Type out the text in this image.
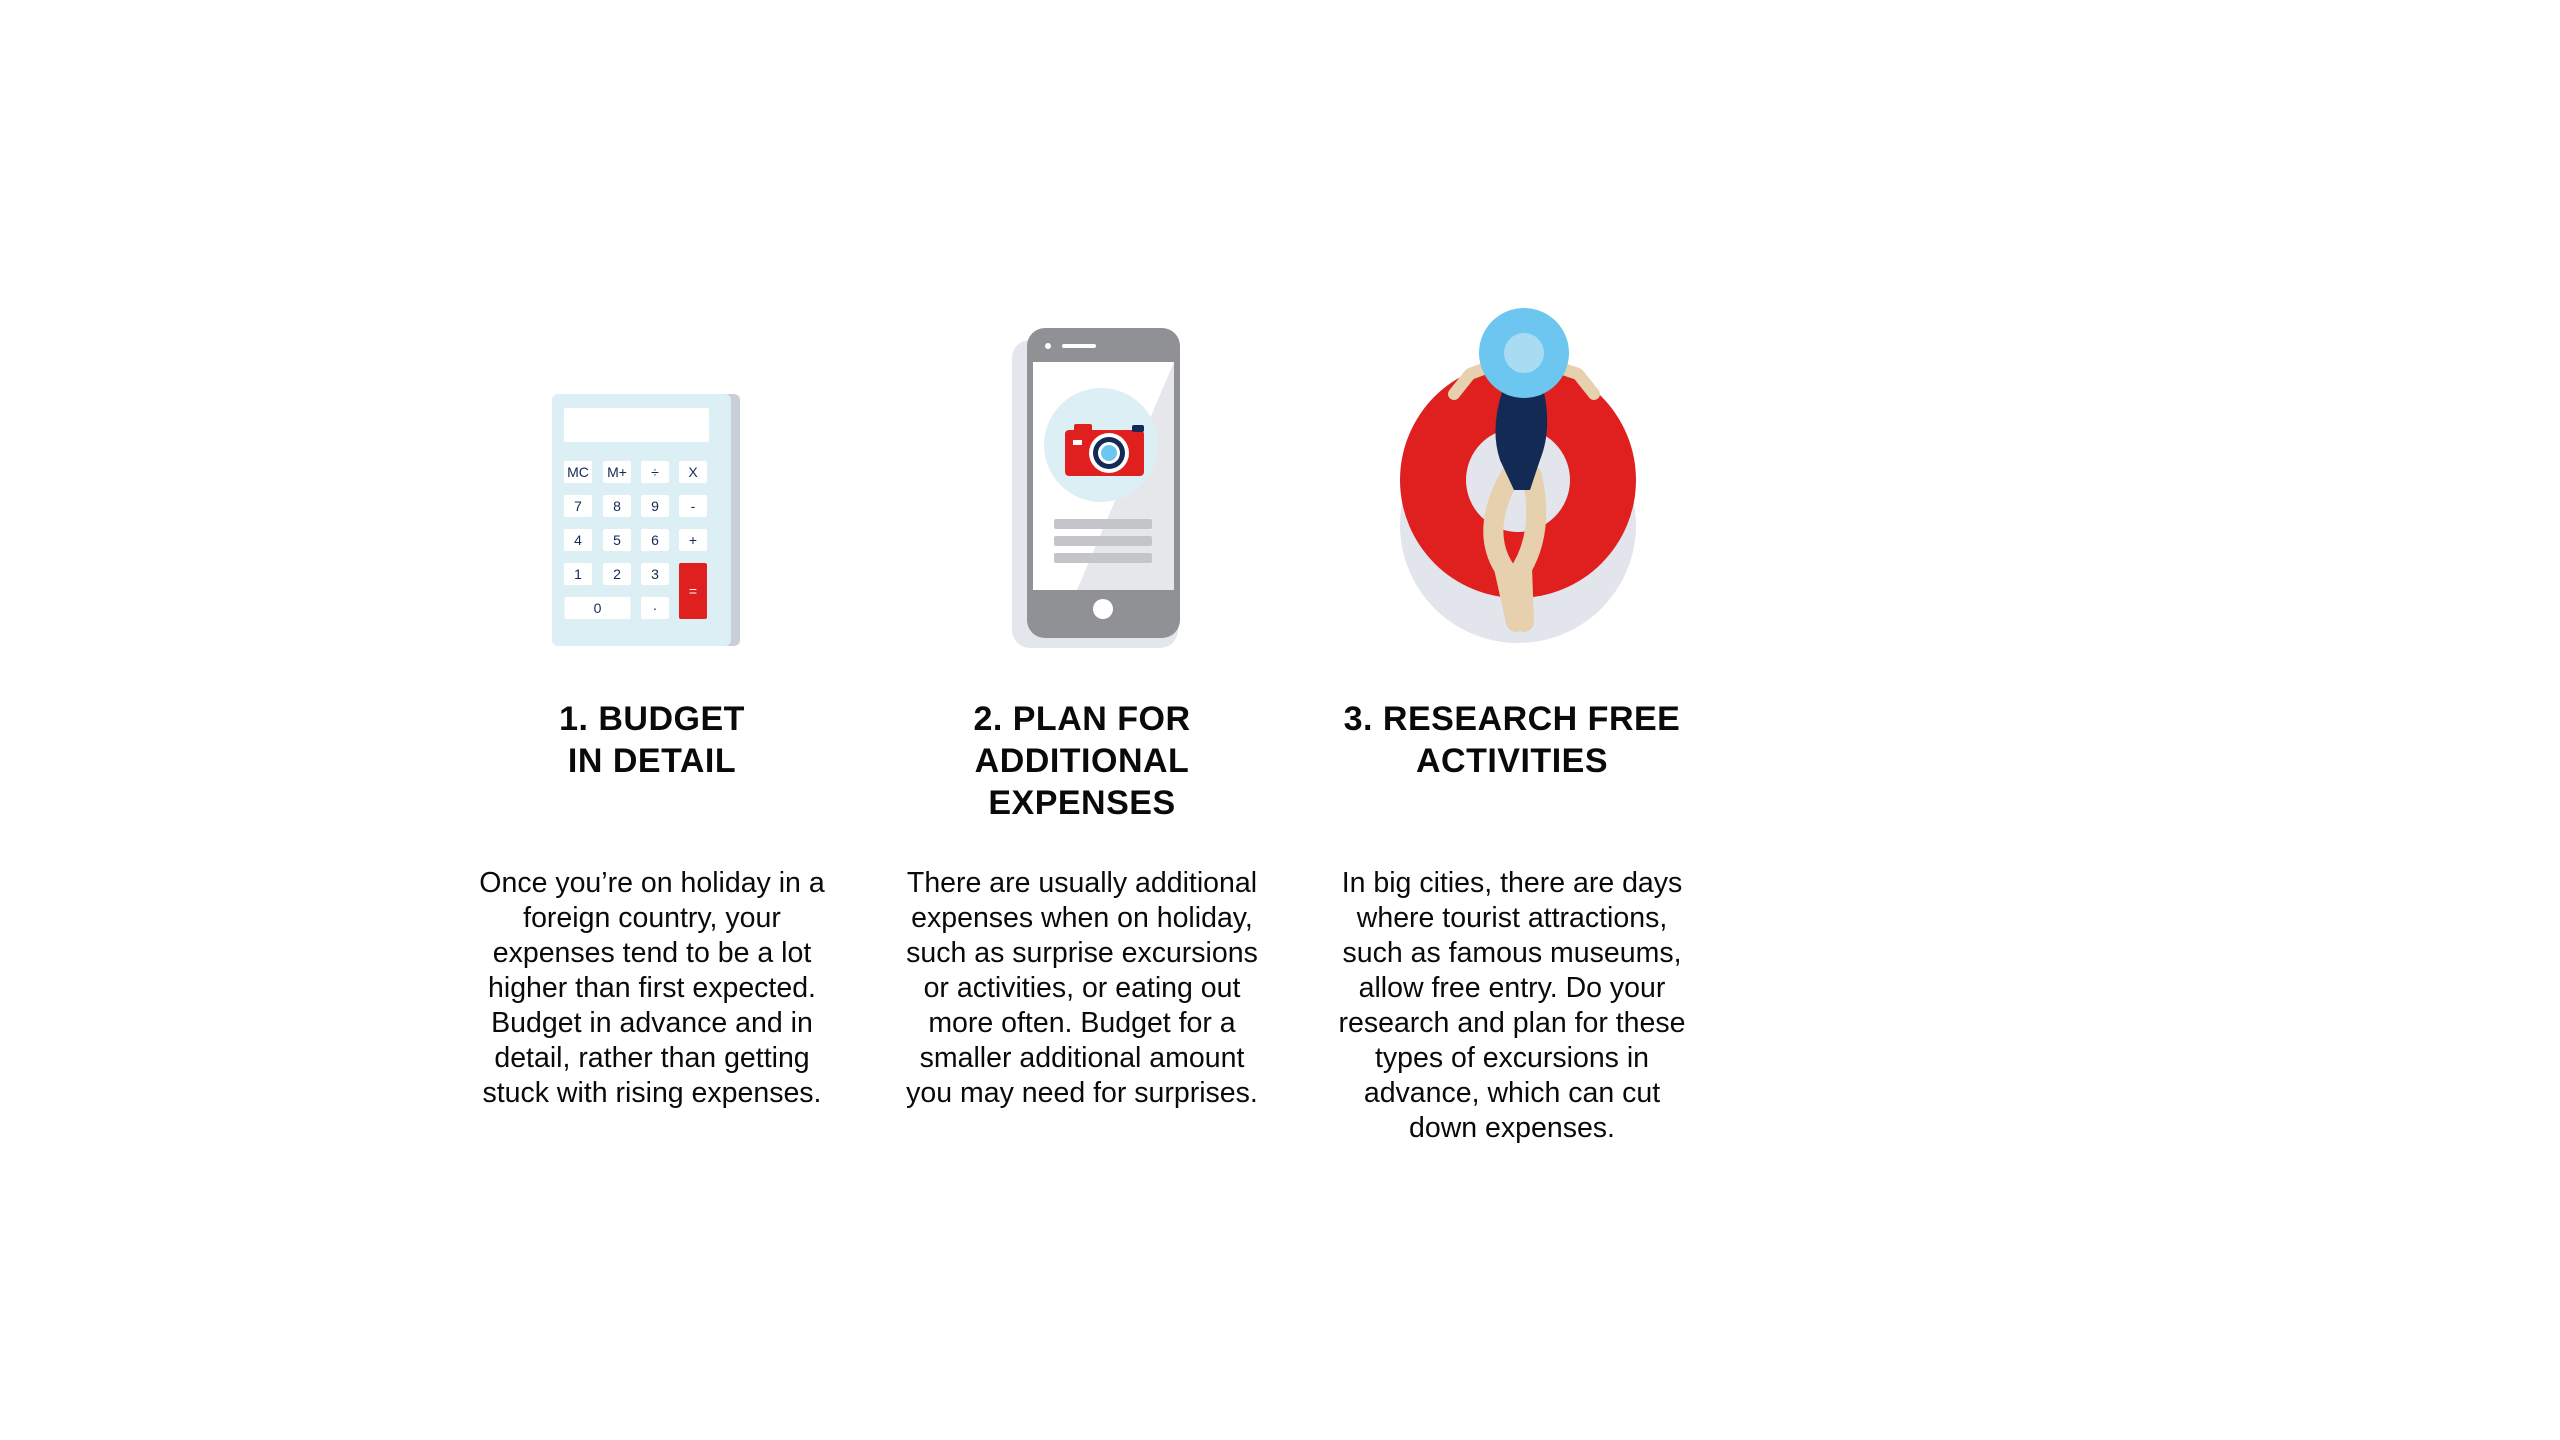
MC M+ ÷ X
7 8 9 -
4 5 6 +
1 2 3
=
0	·
1. BUDGET
IN DETAIL

Once you’re on holiday in a
foreign country, your
expenses tend to be a lot
higher than first expected.
Budget in advance and in
detail, rather than getting
stuck with rising expenses.

2. PLAN FOR
ADDITIONAL
EXPENSES

There are usually additional
expenses when on holiday,
such as surprise excursions
or activities, or eating out
more often. Budget for a
smaller additional amount
you may need for surprises.

3. RESEARCH FREE
ACTIVITIES

In big cities, there are days
where tourist attractions,
such as famous museums,
allow free entry. Do your
research and plan for these
types of excursions in
advance, which can cut
down expenses.
